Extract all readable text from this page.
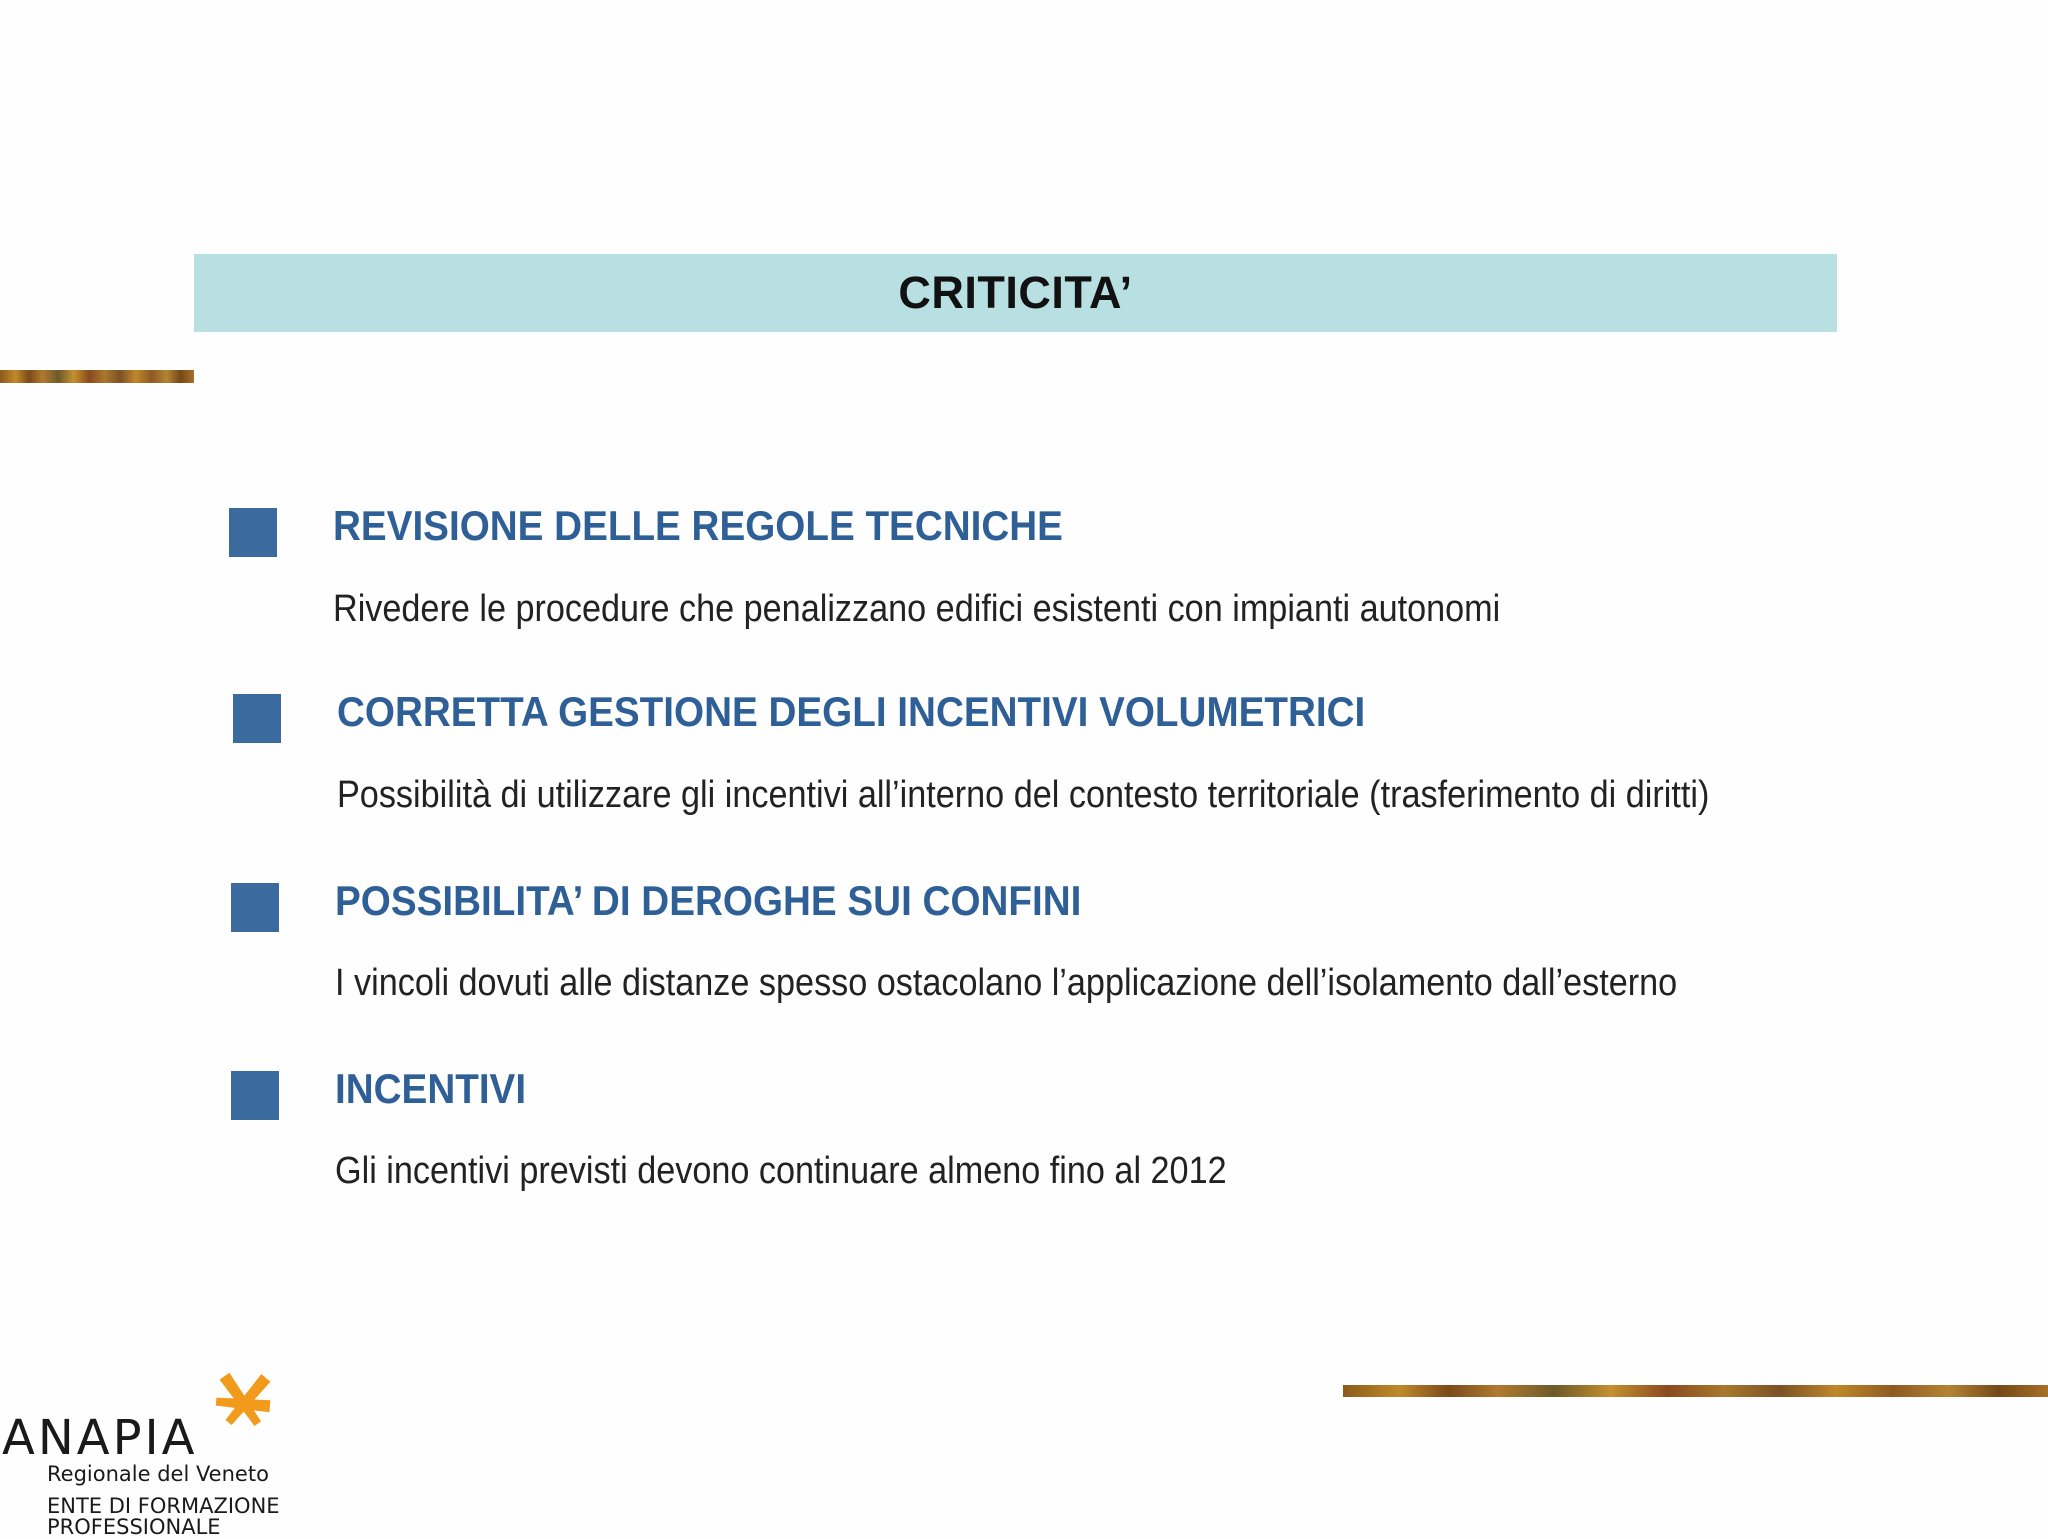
CRITICITA’
REVISIONE DELLE REGOLE TECNICHE
Rivedere le procedure che penalizzano edifici esistenti con impianti autonomi
CORRETTA GESTIONE DEGLI INCENTIVI VOLUMETRICI
Possibilità di utilizzare gli incentivi all’interno del contesto territoriale (trasferimento di diritti)
POSSIBILITA’ DI DEROGHE SUI CONFINI
I vincoli dovuti alle distanze spesso ostacolano l’applicazione dell’isolamento dall’esterno
INCENTIVI
Gli incentivi previsti devono continuare almeno fino al 2012
ANAPIA
Regionale del Veneto
ENTE DI FORMAZIONE
PROFESSIONALE
